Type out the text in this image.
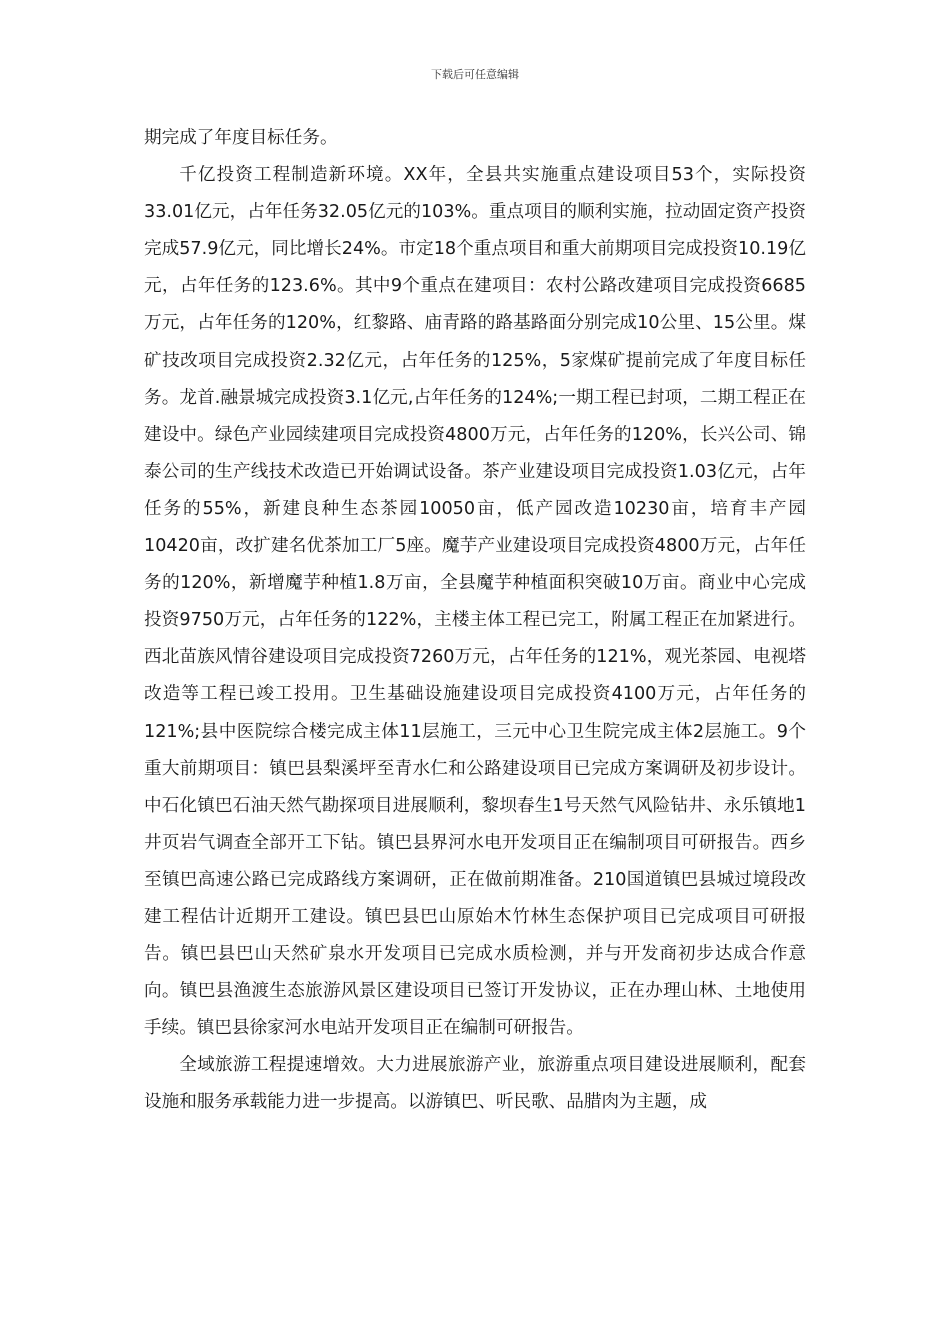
下载后可任意编辑

期完成了年度目标任务。

千亿投资工程制造新环境。XX年，全县共实施重点建设项目53个，实际投资33.01亿元，占年任务32.05亿元的103%。重点项目的顺利实施，拉动固定资产投资完成57.9亿元，同比增长24%。市定18个重点项目和重大前期项目完成投资10.19亿元，占年任务的123.6%。其中9个重点在建项目：农村公路改建项目完成投资6685万元，占年任务的120%，红黎路、庙青路的路基路面分别完成10公里、15公里。煤矿技改项目完成投资2.32亿元，占年任务的125%，5家煤矿提前完成了年度目标任务。龙首.融景城完成投资3.1亿元,占年任务的124%;一期工程已封项，二期工程正在建设中。绿色产业园续建项目完成投资4800万元，占年任务的120%，长兴公司、锦泰公司的生产线技术改造已开始调试设备。茶产业建设项目完成投资1.03亿元，占年任务的55%，新建良种生态茶园10050亩，低产园改造10230亩，培育丰产园10420亩，改扩建名优茶加工厂5座。魔芋产业建设项目完成投资4800万元，占年任务的120%，新增魔芋种植1.8万亩，全县魔芋种植面积突破10万亩。商业中心完成投资9750万元，占年任务的122%，主楼主体工程已完工，附属工程正在加紧进行。西北苗族风情谷建设项目完成投资7260万元，占年任务的121%，观光茶园、电视塔改造等工程已竣工投用。卫生基础设施建设项目完成投资4100万元，占年任务的121%;县中医院综合楼完成主体11层施工，三元中心卫生院完成主体2层施工。9个重大前期项目：镇巴县梨溪坪至青水仁和公路建设项目已完成方案调研及初步设计。中石化镇巴石油天然气勘探项目进展顺利，黎坝春生1号天然气风险钻井、永乐镇地1井页岩气调查全部开工下钻。镇巴县界河水电开发项目正在编制项目可研报告。西乡至镇巴高速公路已完成路线方案调研，正在做前期准备。210国道镇巴县城过境段改建工程估计近期开工建设。镇巴县巴山原始木竹林生态保护项目已完成项目可研报告。镇巴县巴山天然矿泉水开发项目已完成水质检测，并与开发商初步达成合作意向。镇巴县渔渡生态旅游风景区建设项目已签订开发协议，正在办理山林、土地使用手续。镇巴县徐家河水电站开发项目正在编制可研报告。

全域旅游工程提速增效。大力进展旅游产业，旅游重点项目建设进展顺利，配套设施和服务承载能力进一步提高。以游镇巴、听民歌、品腊肉为主题，成
